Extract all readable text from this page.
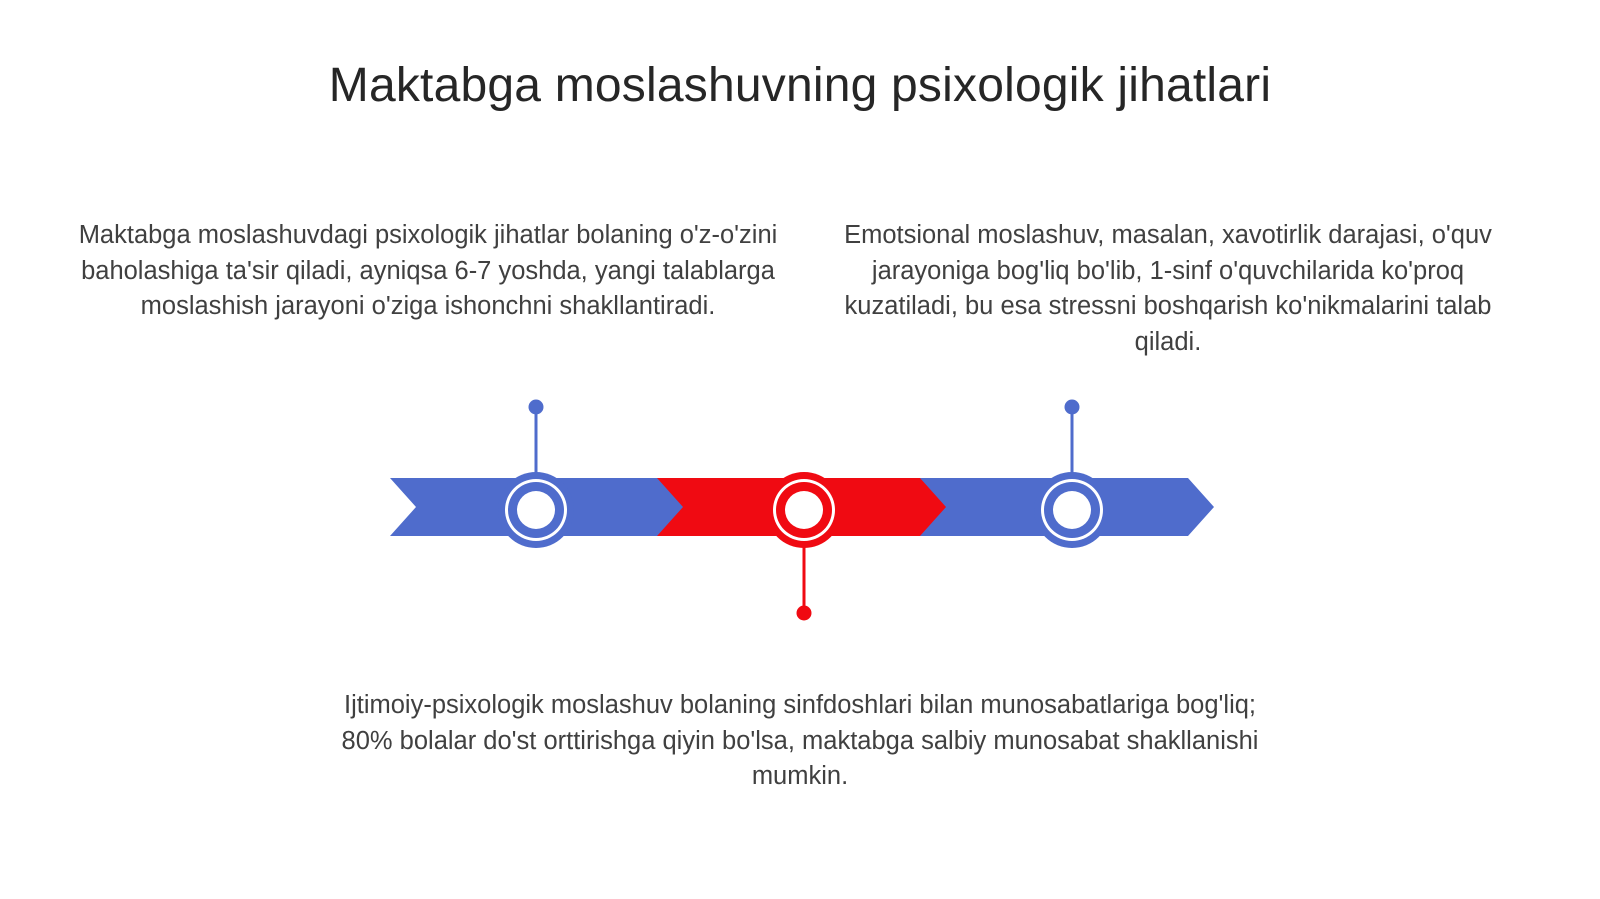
Maktabga moslashuvning psixologik jihatlari

Maktabga moslashuvdagi psixologik jihatlar bolaning o'z-o'zini baholashiga ta'sir qiladi, ayniqsa 6-7 yoshda, yangi talablarga moslashish jarayoni o'ziga ishonchni shakllantiradi.

Emotsional moslashuv, masalan, xavotirlik darajasi, o'quv jarayoniga bog'liq bo'lib, 1-sinf o'quvchilarida ko'proq kuzatiladi, bu esa stressni boshqarish ko'nikmalarini talab qiladi.

Ijtimoiy-psixologik moslashuv bolaning sinfdoshlari bilan munosabatlariga bog'liq; 80% bolalar do'st orttirishga qiyin bo'lsa, maktabga salbiy munosabat shakllanishi mumkin.
